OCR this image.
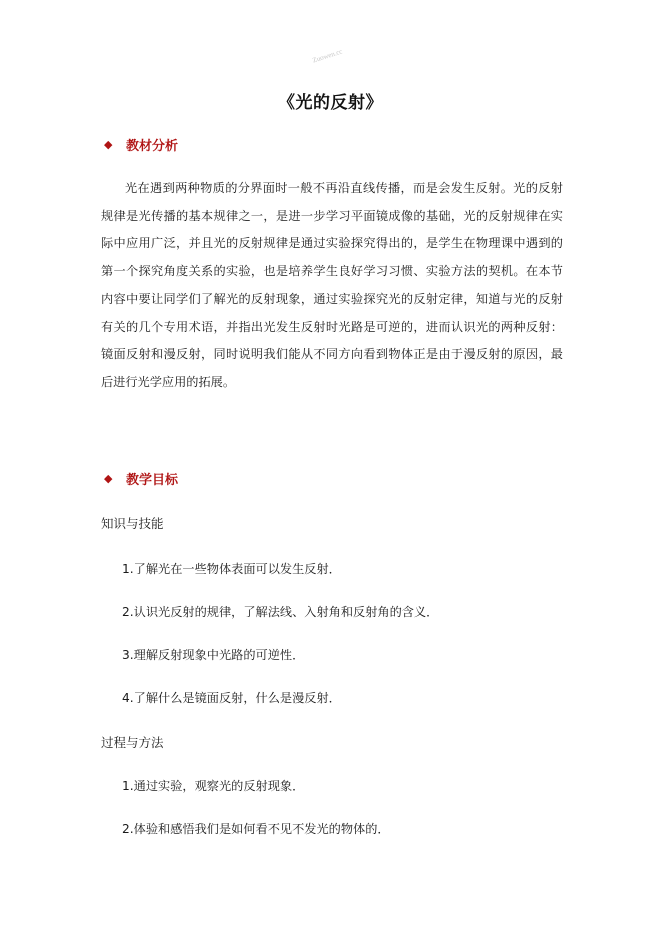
Zuowen.cc
《光的反射》
◆ 教材分析
光在遇到两种物质的分界面时一般不再沿直线传播，而是会发生反射。光的反射规律是光传播的基本规律之一，是进一步学习平面镜成像的基础，光的反射规律在实际中应用广泛，并且光的反射规律是通过实验探究得出的，是学生在物理课中遇到的第一个探究角度关系的实验，也是培养学生良好学习习惯、实验方法的契机。在本节内容中要让同学们了解光的反射现象，通过实验探究光的反射定律，知道与光的反射有关的几个专用术语，并指出光发生反射时光路是可逆的，进而认识光的两种反射：镜面反射和漫反射，同时说明我们能从不同方向看到物体正是由于漫反射的原因，最后进行光学应用的拓展。
◆ 教学目标
知识与技能
1.了解光在一些物体表面可以发生反射．
2.认识光反射的规律，了解法线、入射角和反射角的含义．
3.理解反射现象中光路的可逆性．
4.了解什么是镜面反射，什么是漫反射．
过程与方法
1.通过实验，观察光的反射现象．
2.体验和感悟我们是如何看不见不发光的物体的．
